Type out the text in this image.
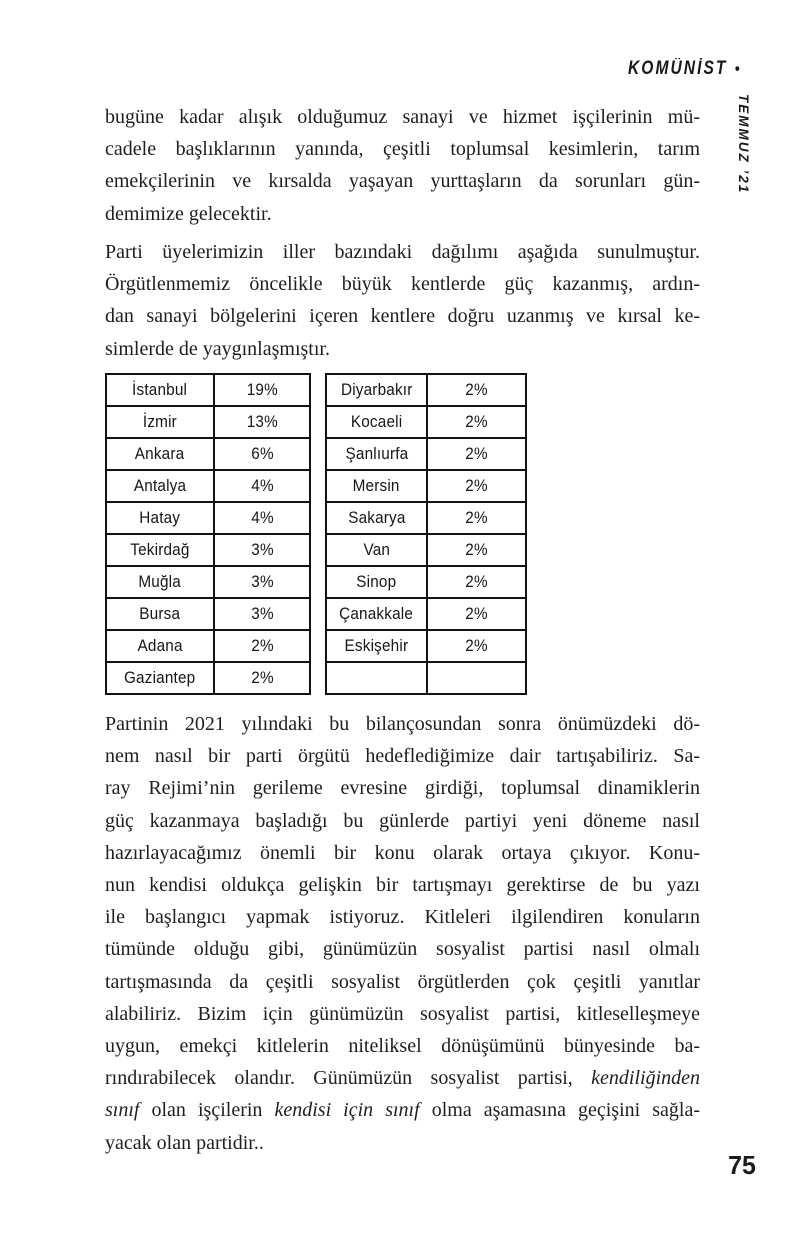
KOMÜNİST •
TEMMUZ ’21
bugüne kadar alışık olduğumuz sanayi ve hizmet işçilerinin mü-
cadele başlıklarının yanında, çeşitli toplumsal kesimlerin, tarım
emekçilerinin ve kırsalda yaşayan yurttaşların da sorunları gün-
demimize gelecektir.
Parti üyelerimizin iller bazındaki dağılımı aşağıda sunulmuştur.
Örgütlenmemiz öncelikle büyük kentlerde güç kazanmış, ardın-
dan sanayi bölgelerini içeren kentlere doğru uzanmış ve kırsal ke-
simlerde de yaygınlaşmıştır.
İstanbul	19%
İzmir	13%
Ankara	6%
Antalya	4%
Hatay	4%
Tekirdağ	3%
Muğla	3%
Bursa	3%
Adana	2%
Gaziantep	2%
Diyarbakır	2%
Kocaeli	2%
Şanlıurfa	2%
Mersin	2%
Sakarya	2%
Van	2%
Sinop	2%
Çanakkale	2%
Eskişehir	2%

Partinin 2021 yılındaki bu bilançosundan sonra önümüzdeki dö-
nem nasıl bir parti örgütü hedeflediğimize dair tartışabiliriz. Sa-
ray Rejimi’nin gerileme evresine girdiği, toplumsal dinamiklerin
güç kazanmaya başladığı bu günlerde partiyi yeni döneme nasıl
hazırlayacağımız önemli bir konu olarak ortaya çıkıyor. Konu-
nun kendisi oldukça gelişkin bir tartışmayı gerektirse de bu yazı
ile başlangıcı yapmak istiyoruz. Kitleleri ilgilendiren konuların
tümünde olduğu gibi, günümüzün sosyalist partisi nasıl olmalı
tartışmasında da çeşitli sosyalist örgütlerden çok çeşitli yanıtlar
alabiliriz. Bizim için günümüzün sosyalist partisi, kitleselleşmeye
uygun, emekçi kitlelerin niteliksel dönüşümünü bünyesinde ba-
rındırabilecek olandır. Günümüzün sosyalist partisi, kendiliğinden
sınıf olan işçilerin kendisi için sınıf olma aşamasına geçişini sağla-
yacak olan partidir..
75
